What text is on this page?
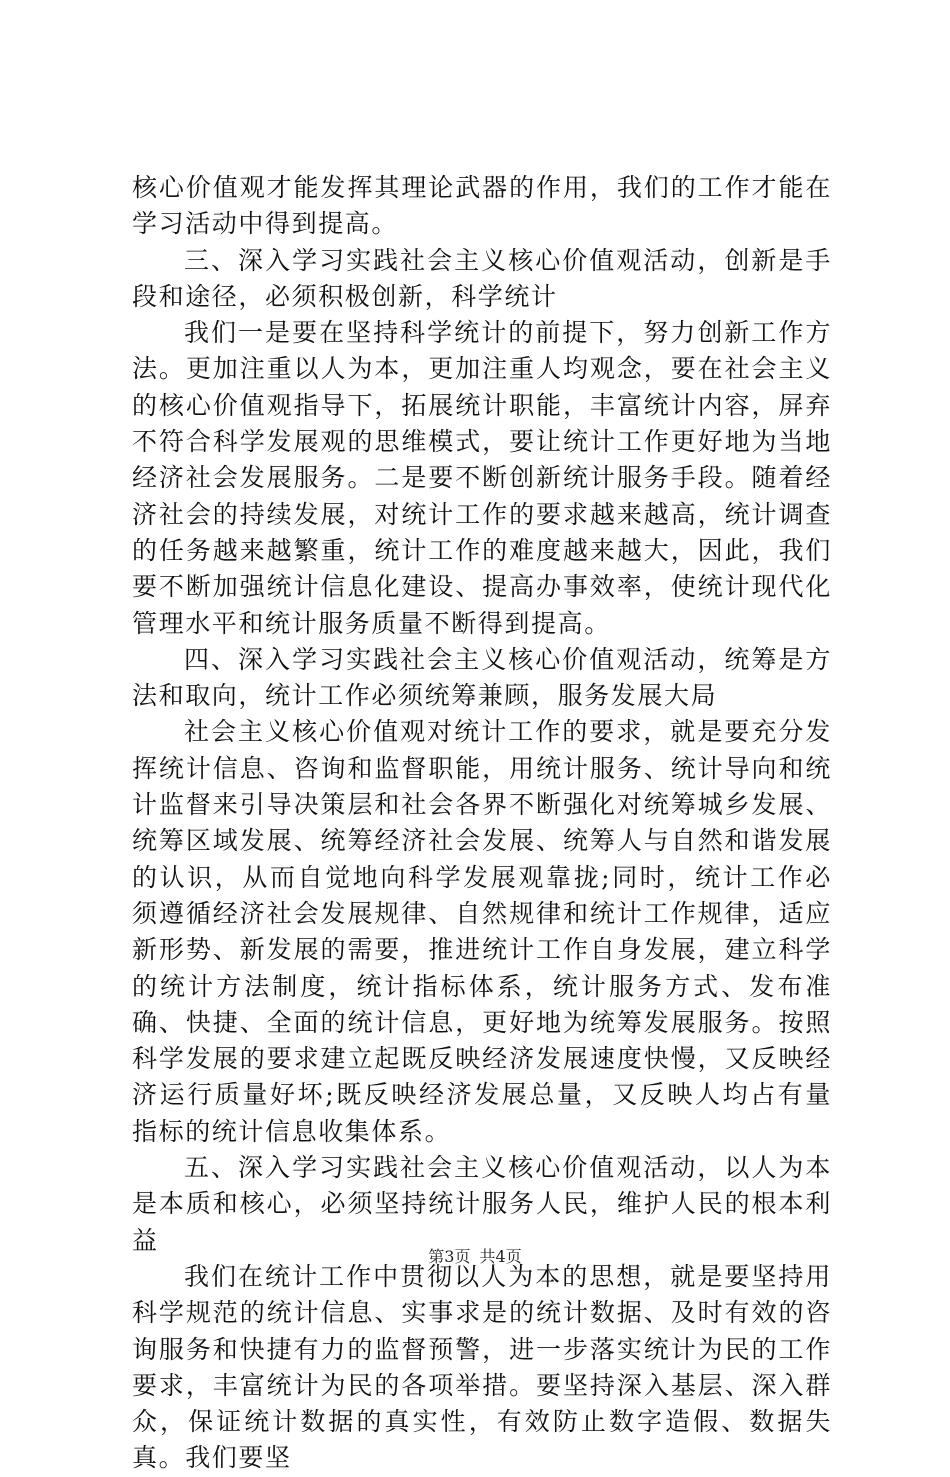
核心价值观才能发挥其理论武器的作用，我们的工作才能在学习活动中得到提高。

三、深入学习实践社会主义核心价值观活动，创新是手段和途径，必须积极创新，科学统计

我们一是要在坚持科学统计的前提下，努力创新工作方法。更加注重以人为本，更加注重人均观念，要在社会主义的核心价值观指导下，拓展统计职能，丰富统计内容，屏弃不符合科学发展观的思维模式，要让统计工作更好地为当地经济社会发展服务。二是要不断创新统计服务手段。随着经济社会的持续发展，对统计工作的要求越来越高，统计调查的任务越来越繁重，统计工作的难度越来越大，因此，我们要不断加强统计信息化建设、提高办事效率，使统计现代化管理水平和统计服务质量不断得到提高。

四、深入学习实践社会主义核心价值观活动，统筹是方法和取向，统计工作必须统筹兼顾，服务发展大局

社会主义核心价值观对统计工作的要求，就是要充分发挥统计信息、咨询和监督职能，用统计服务、统计导向和统计监督来引导决策层和社会各界不断强化对统筹城乡发展、统筹区域发展、统筹经济社会发展、统筹人与自然和谐发展的认识，从而自觉地向科学发展观靠拢;同时，统计工作必须遵循经济社会发展规律、自然规律和统计工作规律，适应新形势、新发展的需要，推进统计工作自身发展，建立科学的统计方法制度，统计指标体系，统计服务方式、发布准确、快捷、全面的统计信息，更好地为统筹发展服务。按照科学发展的要求建立起既反映经济发展速度快慢，又反映经济运行质量好坏;既反映经济发展总量，又反映人均占有量指标的统计信息收集体系。

五、深入学习实践社会主义核心价值观活动，以人为本是本质和核心，必须坚持统计服务人民，维护人民的根本利益

我们在统计工作中贯彻以人为本的思想，就是要坚持用科学规范的统计信息、实事求是的统计数据、及时有效的咨询服务和快捷有力的监督预警，进一步落实统计为民的工作要求，丰富统计为民的各项举措。要坚持深入基层、深入群众，保证统计数据的真实性，有效防止数字造假、数据失真。我们要坚

第3页 共4页
